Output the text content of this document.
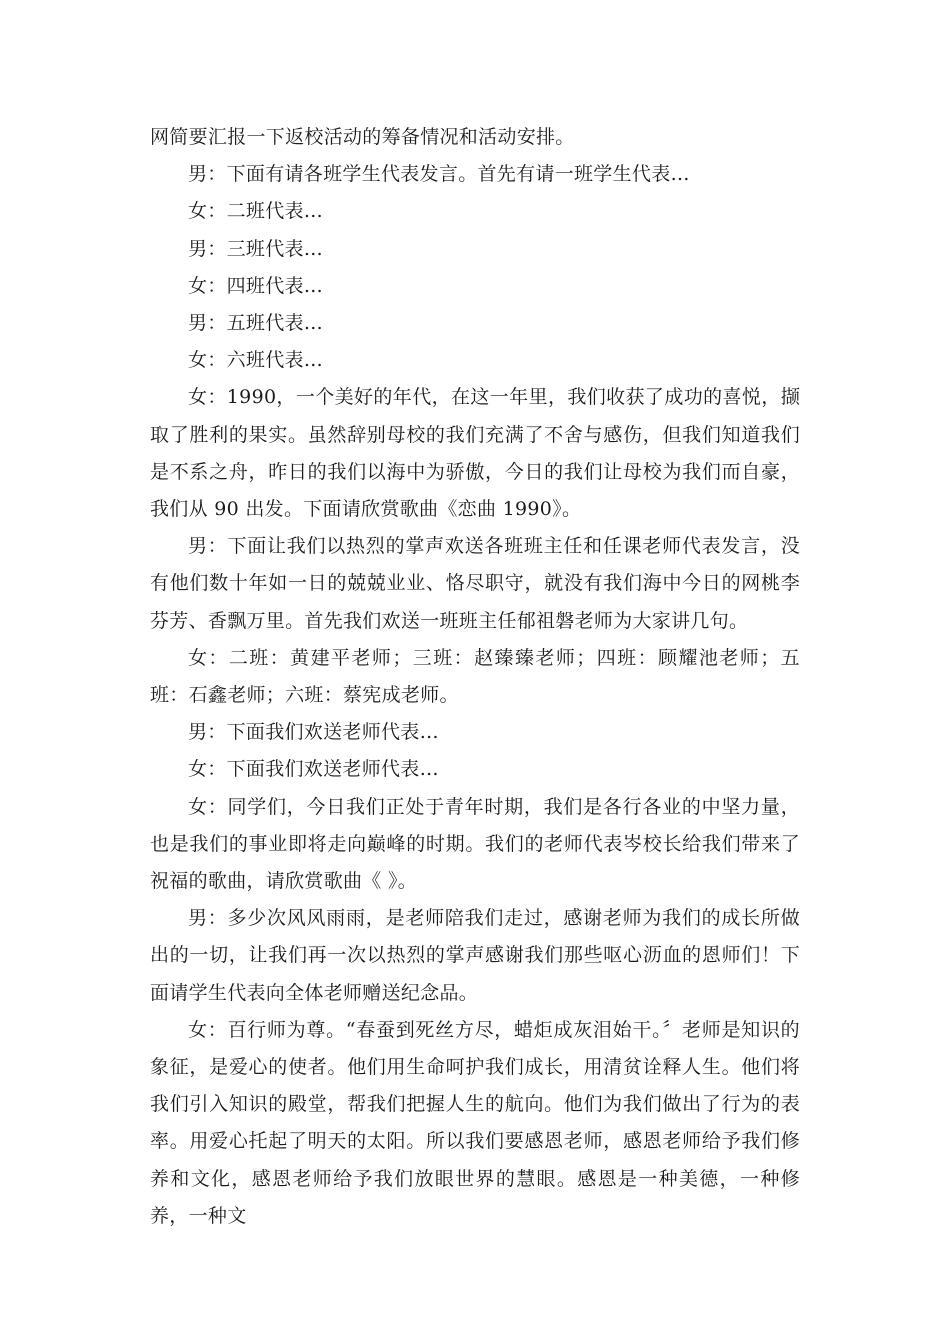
网简要汇报一下返校活动的筹备情况和活动安排。

男：下面有请各班学生代表发言。首先有请一班学生代表…

女：二班代表…

男：三班代表…

女：四班代表…

男：五班代表…

女：六班代表…

女：1990，一个美好的年代，在这一年里，我们收获了成功的喜悦，撷取了胜利的果实。虽然辞别母校的我们充满了不舍与感伤，但我们知道我们是不系之舟，昨日的我们以海中为骄傲，今日的我们让母校为我们而自豪，我们从 90 出发。下面请欣赏歌曲《恋曲 1990》。

男：下面让我们以热烈的掌声欢送各班班主任和任课老师代表发言，没有他们数十年如一日的兢兢业业、恪尽职守，就没有我们海中今日的网桃李芬芳、香飘万里。首先我们欢送一班班主任郁祖磐老师为大家讲几句。

女：二班：黄建平老师；三班：赵臻臻老师；四班：顾耀池老师；五班：石鑫老师；六班：蔡宪成老师。

男：下面我们欢送老师代表…

女：下面我们欢送老师代表…

女：同学们，今日我们正处于青年时期，我们是各行各业的中坚力量，也是我们的事业即将走向巅峰的时期。我们的老师代表岑校长给我们带来了祝福的歌曲，请欣赏歌曲《 》。

男：多少次风风雨雨，是老师陪我们走过，感谢老师为我们的成长所做出的一切，让我们再一次以热烈的掌声感谢我们那些呕心沥血的恩师们！下面请学生代表向全体老师赠送纪念品。

女：百行师为尊。“春蚕到死丝方尽，蜡炬成灰泪始干。〞老师是知识的象征，是爱心的使者。他们用生命呵护我们成长，用清贫诠释人生。他们将我们引入知识的殿堂，帮我们把握人生的航向。他们为我们做出了行为的表率。用爱心托起了明天的太阳。所以我们要感恩老师，感恩老师给予我们修养和文化，感恩老师给予我们放眼世界的慧眼。感恩是一种美德，一种修养，一种文
